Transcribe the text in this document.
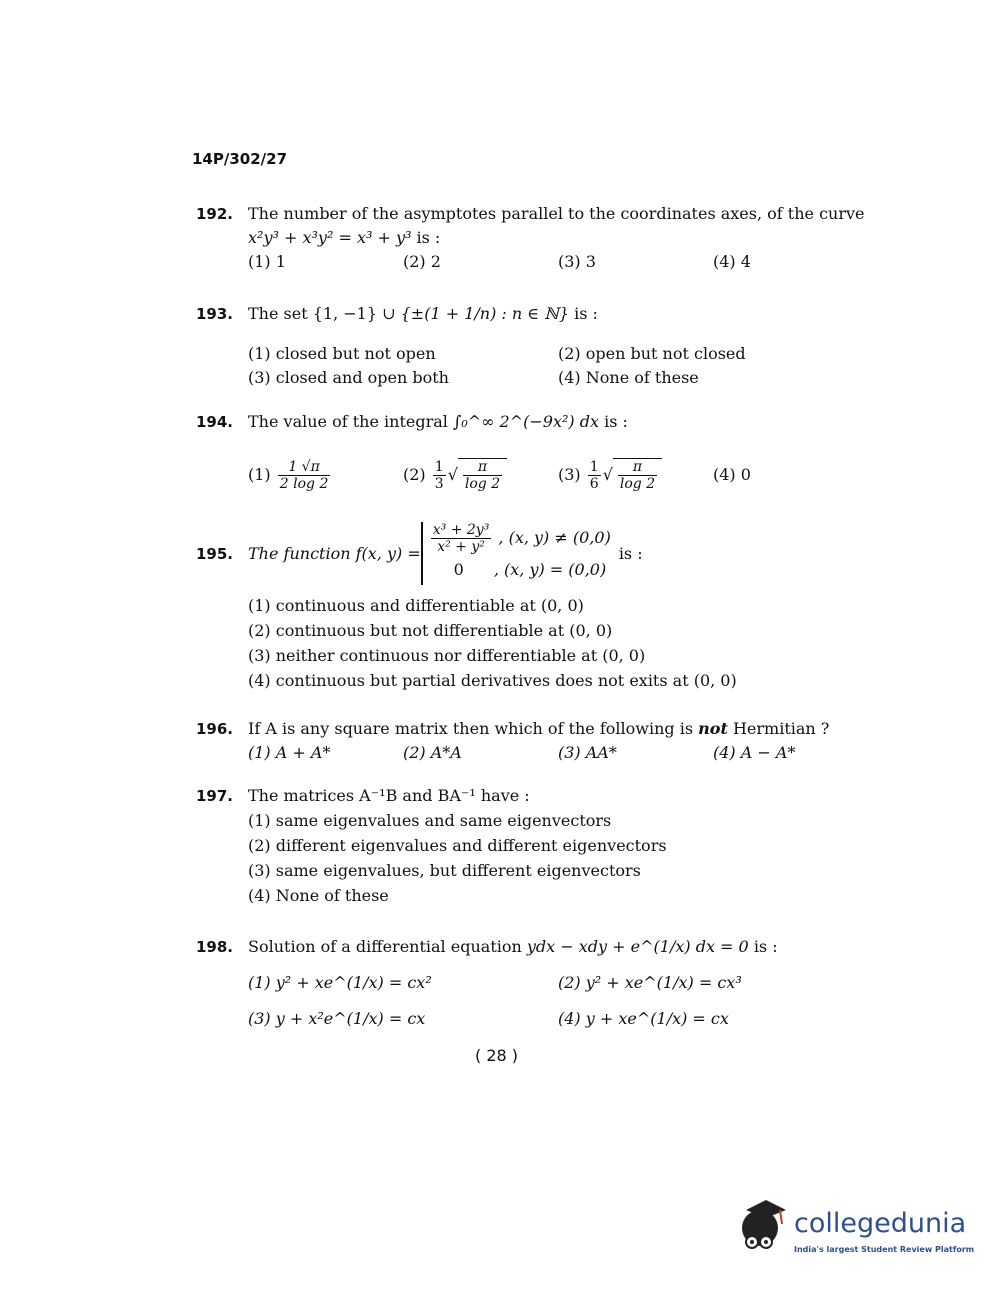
14P/302/27
192. The number of the asymptotes parallel to the coordinates axes, of the curve
x²y³ + x³y² = x³ + y³ is :
(1) 1	(2) 2	(3) 3	(4) 4
193. The set {1, −1} ∪ {±(1 + 1/n) : n ∈ ℕ} is :
(1) closed but not open	(2) open but not closed
(3) closed and open both	(4) None of these
194. The value of the integral ∫₀^∞ 2^(−9x²) dx is :
$(1) \frac{1 √\pi}{2 \log 2}$	$(2) \frac{1}{3}$ √ $\frac{\pi}{\log 2}$	$(3) \frac{1}{6}$ √ $\frac{\pi}{\log 2}$	(4) 0
195. The function f(x, $y) = \frac{\text{x³ + 2y³}}{\text{x² + y²}}$ , (x, y) ≠ (0,0)
0 , (x, y) = (0,0)
is :
(1) continuous and differentiable at (0, 0)
(2) continuous but not differentiable at (0, 0)
(3) neither continuous nor differentiable at (0, 0)
(4) continuous but partial derivatives does not exits at (0, 0)
196. If A is any square matrix then which of the following is not Hermitian ?
(1) A + A*	(2) A*A	(3) AA*	(4) A − A*
197. The matrices A⁻¹B and BA⁻¹ have :
(1) same eigenvalues and same eigenvectors
(2) different eigenvalues and different eigenvectors
(3) same eigenvalues, but different eigenvectors
(4) None of these
198. Solution of a differential equation ydx − xdy + e^(1/x) dx = 0 is :
(1) y² + xe^(1/x) = cx²	(2) y² + xe^(1/x) = cx³
(3) y + x²e^(1/x) = cx	(4) y + xe^(1/x) = cx
( 28 )
collegedunia
India's largest Student Review Platform
